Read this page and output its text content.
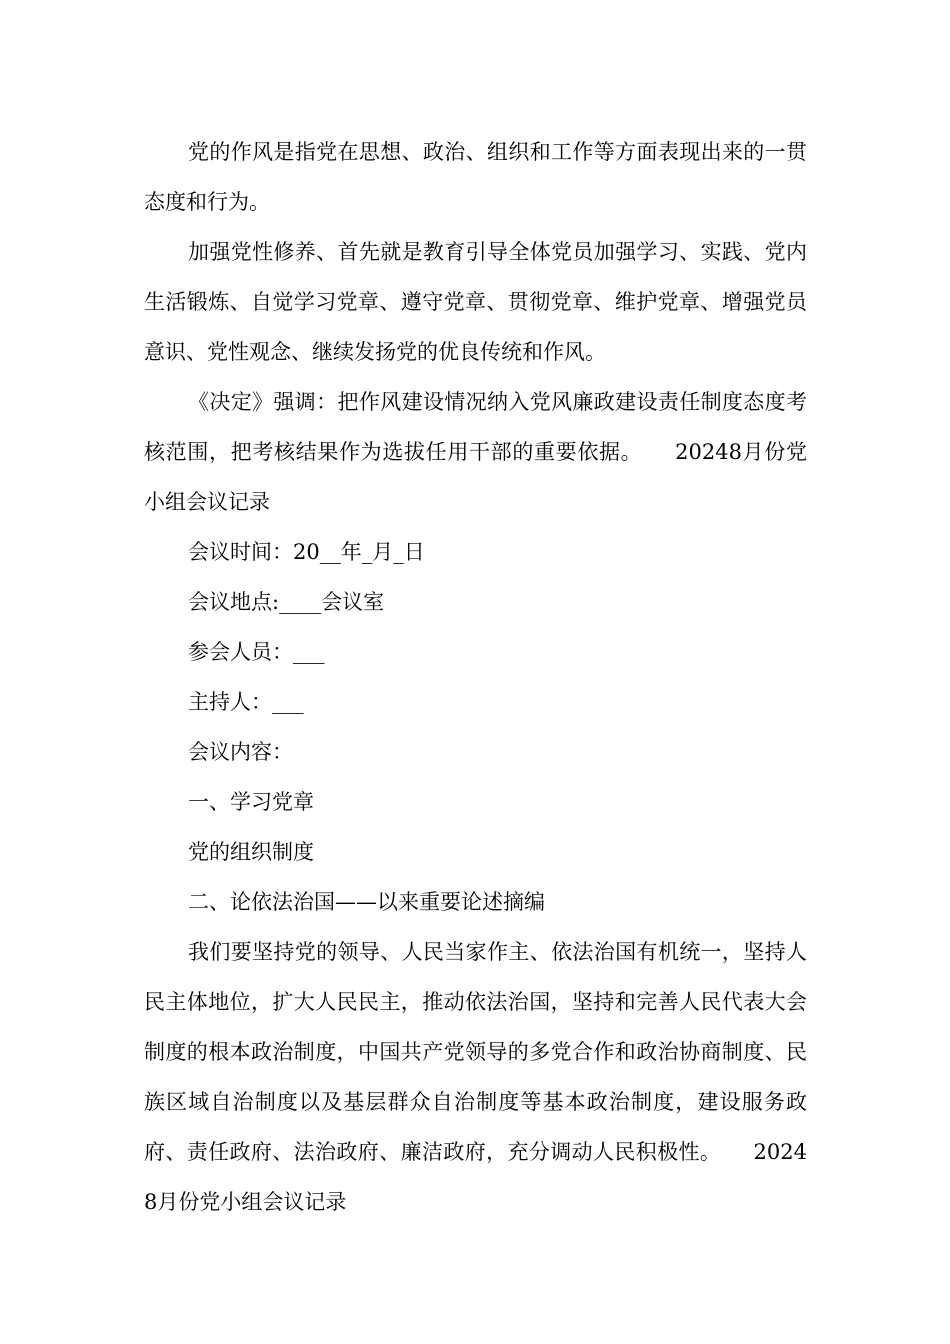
党的作风是指党在思想、政治、组织和工作等方面表现出来的一贯态度和行为。

加强党性修养、首先就是教育引导全体党员加强学习、实践、党内生活锻炼、自觉学习党章、遵守党章、贯彻党章、维护党章、增强党员意识、党性观念、继续发扬党的优良传统和作风。

《决定》强调：把作风建设情况纳入党风廉政建设责任制度态度考核范围，把考核结果作为选拔任用干部的重要依据。　　20248月份党小组会议记录

会议时间：20__年_月_日

会议地点:____会议室

参会人员：___

主持人：___

会议内容：

一、学习党章

党的组织制度

二、论依法治国——以来重要论述摘编

我们要坚持党的领导、人民当家作主、依法治国有机统一，坚持人民主体地位，扩大人民民主，推动依法治国，坚持和完善人民代表大会制度的根本政治制度，中国共产党领导的多党合作和政治协商制度、民族区域自治制度以及基层群众自治制度等基本政治制度，建设服务政府、责任政府、法治政府、廉洁政府，充分调动人民积极性。　　20248月份党小组会议记录
